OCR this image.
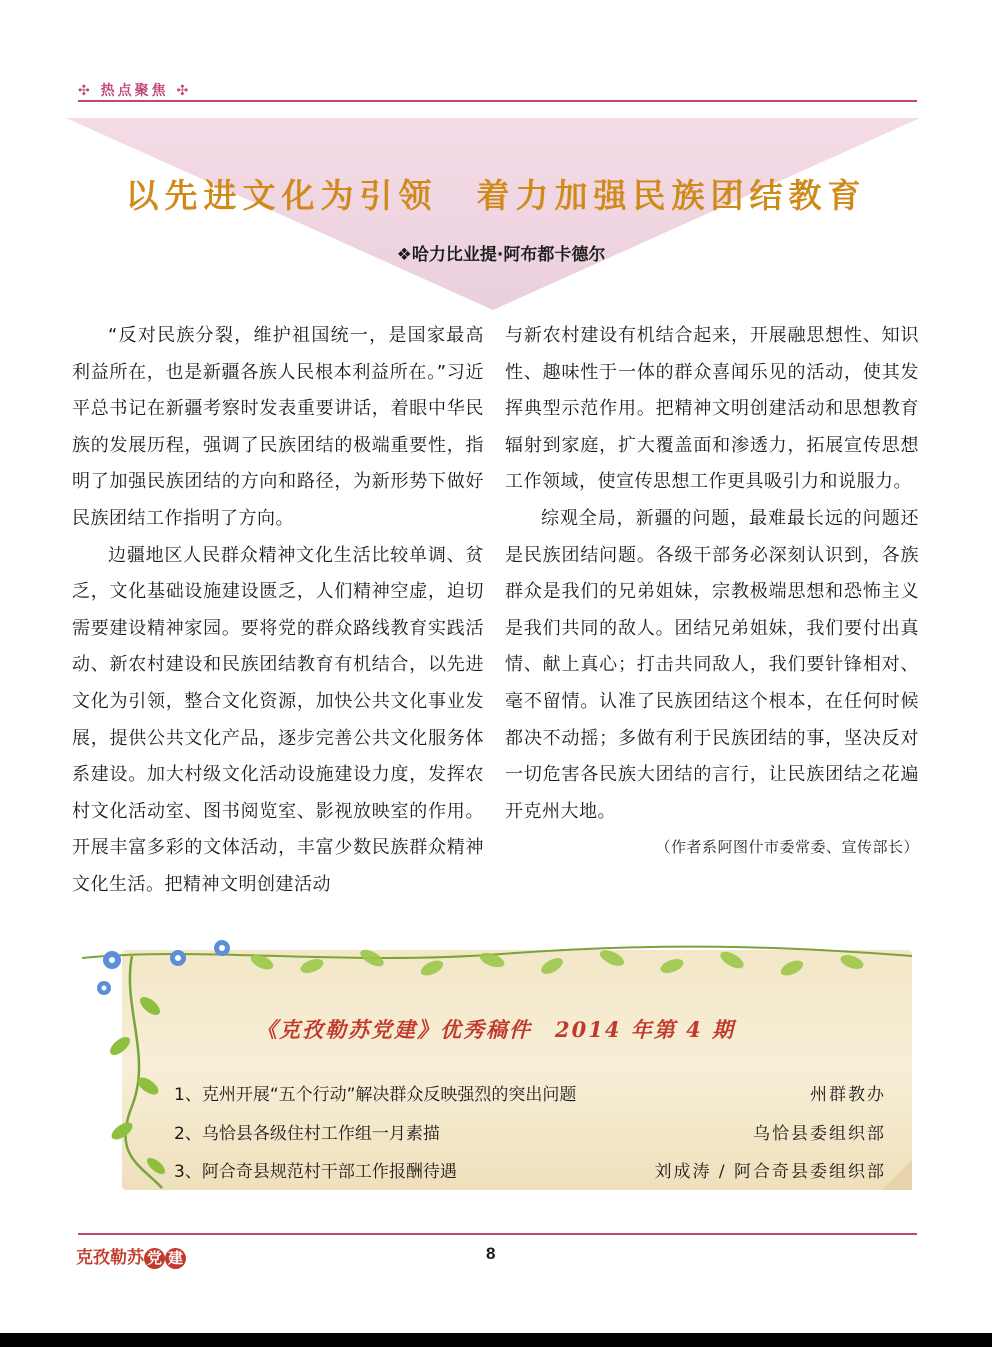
✣ 热点聚焦 ✣
以先进文化为引领　着力加强民族团结教育
❖哈力比业提·阿布都卡德尔

“反对民族分裂，维护祖国统一，是国家最高利益所在，也是新疆各族人民根本利益所在。”习近平总书记在新疆考察时发表重要讲话，着眼中华民族的发展历程，强调了民族团结的极端重要性，指明了加强民族团结的方向和路径，为新形势下做好民族团结工作指明了方向。

边疆地区人民群众精神文化生活比较单调、贫乏，文化基础设施建设匮乏，人们精神空虚，迫切需要建设精神家园。要将党的群众路线教育实践活动、新农村建设和民族团结教育有机结合，以先进文化为引领，整合文化资源，加快公共文化事业发展，提供公共文化产品，逐步完善公共文化服务体系建设。加大村级文化活动设施建设力度，发挥农村文化活动室、图书阅览室、影视放映室的作用。开展丰富多彩的文体活动，丰富少数民族群众精神文化生活。把精神文明创建活动

与新农村建设有机结合起来，开展融思想性、知识性、趣味性于一体的群众喜闻乐见的活动，使其发挥典型示范作用。把精神文明创建活动和思想教育辐射到家庭，扩大覆盖面和渗透力，拓展宣传思想工作领域，使宣传思想工作更具吸引力和说服力。

综观全局，新疆的问题，最难最长远的问题还是民族团结问题。各级干部务必深刻认识到，各族群众是我们的兄弟姐妹，宗教极端思想和恐怖主义是我们共同的敌人。团结兄弟姐妹，我们要付出真情、献上真心；打击共同敌人，我们要针锋相对、毫不留情。认准了民族团结这个根本，在任何时候都决不动摇；多做有利于民族团结的事，坚决反对一切危害各民族大团结的言行，让民族团结之花遍开克州大地。

（作者系阿图什市委常委、宣传部长）
《克孜勒苏党建》优秀稿件　2014 年第 4 期
1、克州开展“五个行动”解决群众反映强烈的突出问题	州群教办
2、乌恰县各级住村工作组一月素描	乌恰县委组织部
3、阿合奇县规范村干部工作报酬待遇	刘成涛 / 阿合奇县委组织部
克孜勒苏 党 建	8
